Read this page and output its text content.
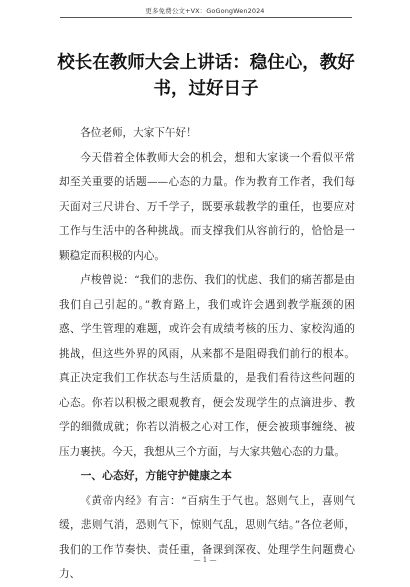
更多免费公文+VX：GoGongWen2024
校长在教师大会上讲话：稳住心，教好书，过好日子

各位老师，大家下午好！

今天借着全体教师大会的机会，想和大家谈一个看似平常却至关重要的话题——心态的力量。作为教育工作者，我们每天面对三尺讲台、万千学子，既要承载教学的重任，也要应对工作与生活中的各种挑战。而支撑我们从容前行的，恰恰是一颗稳定而积极的内心。

卢梭曾说：“我们的悲伤、我们的忧虑、我们的痛苦都是由我们自己引起的。”教育路上，我们或许会遇到教学瓶颈的困惑、学生管理的难题，或许会有成绩考核的压力、家校沟通的挑战，但这些外界的风雨，从来都不是阻碍我们前行的根本。真正决定我们工作状态与生活质量的，是我们看待这些问题的心态。你若以积极之眼观教育，便会发现学生的点滴进步、教学的细微成就；你若以消极之心对工作，便会被琐事缠绕、被压力裹挟。今天，我想从三个方面，与大家共勉心态的力量。

一、心态好，方能守护健康之本

《黄帝内经》有言：“百病生于气也。怒则气上，喜则气缓，悲则气消，恐则气下，惊则气乱，思则气结。”各位老师，我们的工作节奏快、责任重，备课到深夜、处理学生问题费心力、

— 1 —
